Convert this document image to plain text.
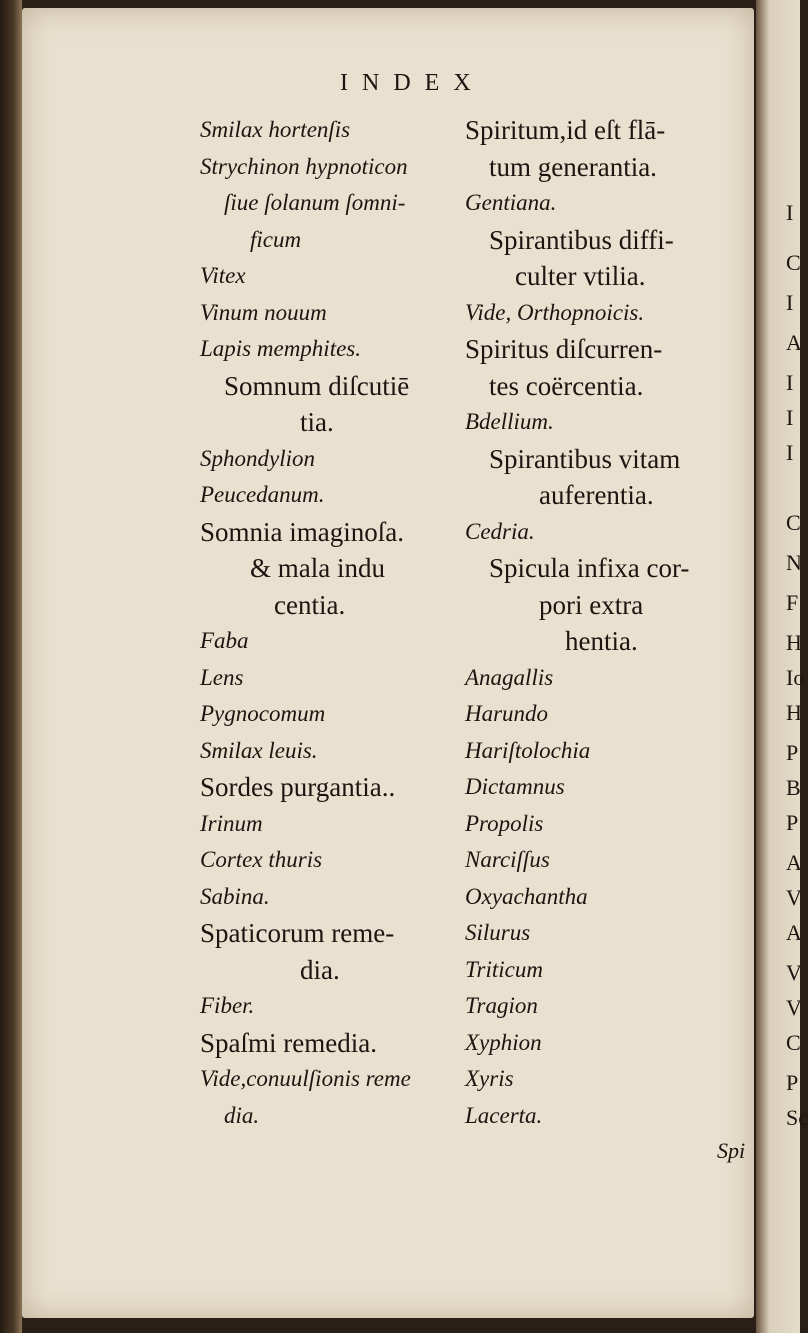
I
C
I
A
I
I
I
C
N
F
H
Io
H
P
B
P
A
V
A
V
V
C
P
Sc
INDEX
Smilax hortenſis
Strychinon hypnoticon
ſiue ſolanum ſomni-
ficum
Vitex
Vinum nouum
Lapis memphites.
Somnum diſcutiē
tia.
Sphondylion
Peucedanum.
Somnia imaginoſa.
& mala indu
centia.
Faba
Lens
Pygnocomum
Smilax leuis.
Sordes purgantia..
Irinum
Cortex thuris
Sabina.
Spaticorum reme-
dia.
Fiber.
Spaſmi remedia.
Vide,conuulſionis reme
dia.
Spiritum,id eſt flā-
tum generantia.
Gentiana.
Spirantibus diffi-
culter vtilia.
Vide, Orthopnoicis.
Spiritus diſcurren-
tes coërcentia.
Bdellium.
Spirantibus vitam
auferentia.
Cedria.
Spicula infixa cor-
pori extra
hentia.
Anagallis
Harundo
Hariſtolochia
Dictamnus
Propolis
Narciſſus
Oxyachantha
Silurus
Triticum
Tragion
Xyphion
Xyris
Lacerta.
Spi
